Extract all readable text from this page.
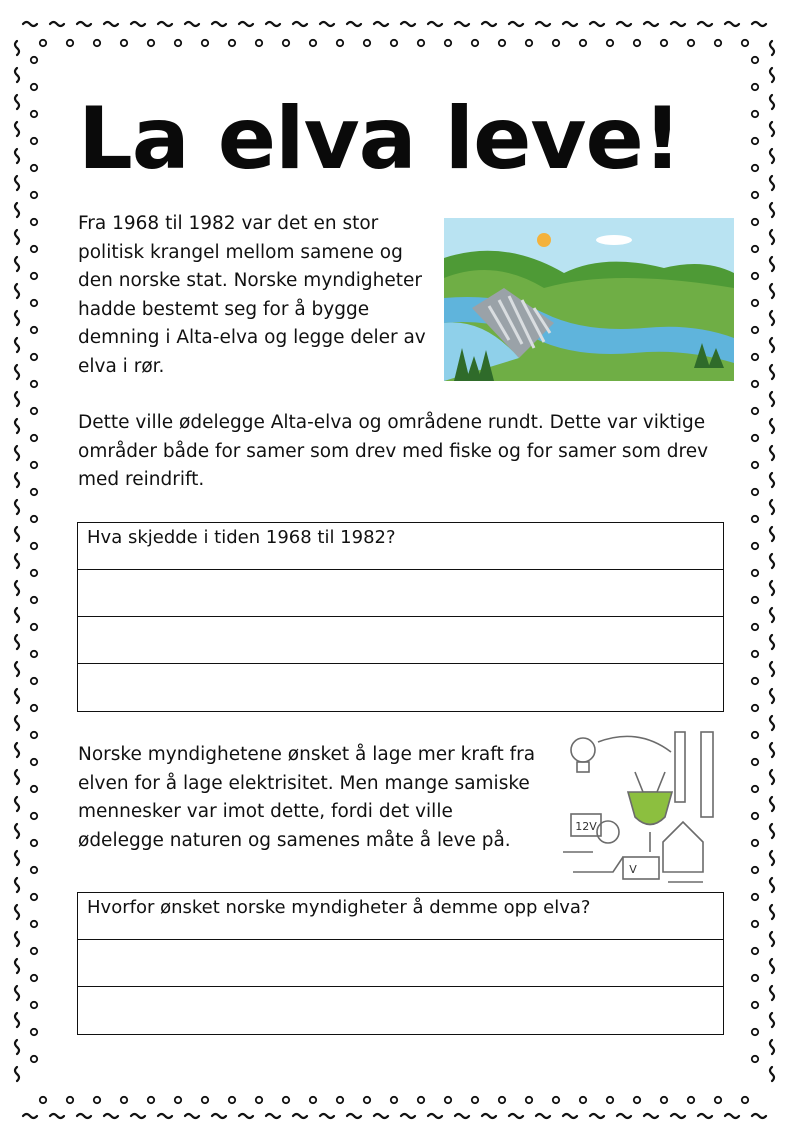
La elva leve!

Fra 1968 til 1982 var det en stor politisk krangel mellom samene og den norske stat. Norske myndigheter hadde bestemt seg for å bygge demning i Alta-elva og legge deler av elva i rør.

Dette ville ødelegge Alta-elva og områdene rundt. Dette var viktige områder både for samer som drev med fiske og for samer som drev med reindrift.

Hva skjedde i tiden 1968 til 1982?

Norske myndighetene ønsket å lage mer kraft fra elven for å lage elektrisitet. Men mange samiske mennesker var imot dette, fordi det ville ødelegge naturen og samenes måte å leve på.

12V
V
Hvorfor ønsket norske myndigheter å demme opp elva?
